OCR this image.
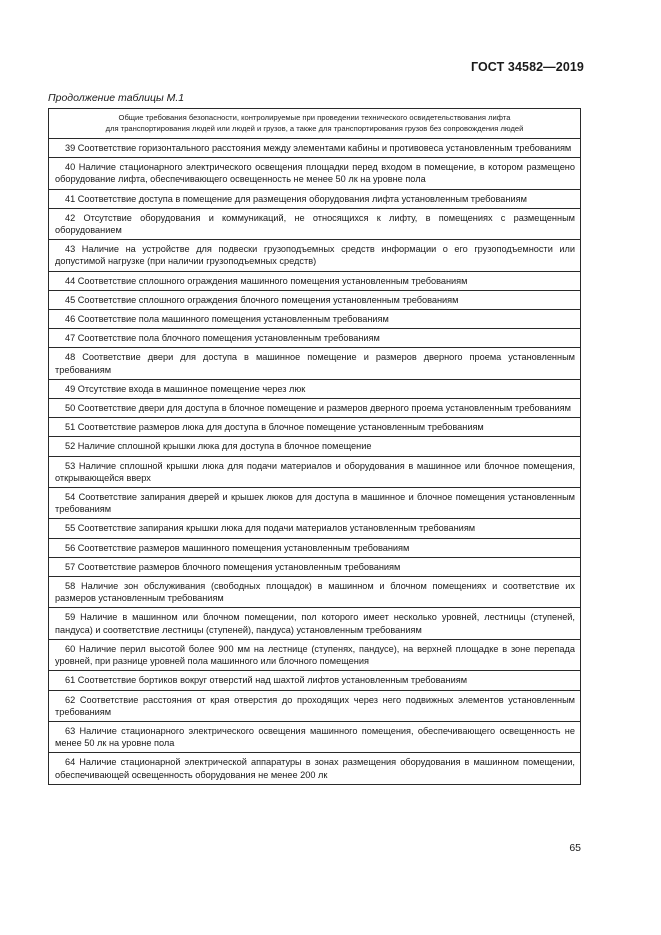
ГОСТ 34582—2019
Продолжение таблицы М.1
Общие требования безопасности, контролируемые при проведении технического освидетельствования лифта
для транспортирования людей или людей и грузов, а также для транспортирования грузов без сопровождения людей
39 Соответствие горизонтального расстояния между элементами кабины и противовеса установленным требованиям
40 Наличие стационарного электрического освещения площадки перед входом в помещение, в котором размещено оборудование лифта, обеспечивающего освещенность не менее 50 лк на уровне пола
41 Соответствие доступа в помещение для размещения оборудования лифта установленным требованиям
42 Отсутствие оборудования и коммуникаций, не относящихся к лифту, в помещениях с размещенным оборудованием
43 Наличие на устройстве для подвески грузоподъемных средств информации о его грузоподъемности или допустимой нагрузке (при наличии грузоподъемных средств)
44 Соответствие сплошного ограждения машинного помещения установленным требованиям
45 Соответствие сплошного ограждения блочного помещения установленным требованиям
46 Соответствие пола машинного помещения установленным требованиям
47 Соответствие пола блочного помещения установленным требованиям
48 Соответствие двери для доступа в машинное помещение и размеров дверного проема установленным требованиям
49 Отсутствие входа в машинное помещение через люк
50 Соответствие двери для доступа в блочное помещение и размеров дверного проема установленным требованиям
51 Соответствие размеров люка для доступа в блочное помещение установленным требованиям
52 Наличие сплошной крышки люка для доступа в блочное помещение
53 Наличие сплошной крышки люка для подачи материалов и оборудования в машинное или блочное помещения, открывающейся вверх
54 Соответствие запирания дверей и крышек люков для доступа в машинное и блочное помещения установленным требованиям
55 Соответствие запирания крышки люка для подачи материалов установленным требованиям
56 Соответствие размеров машинного помещения установленным требованиям
57 Соответствие размеров блочного помещения установленным требованиям
58 Наличие зон обслуживания (свободных площадок) в машинном и блочном помещениях и соответствие их размеров установленным требованиям
59 Наличие в машинном или блочном помещении, пол которого имеет несколько уровней, лестницы (ступеней, пандуса) и соответствие лестницы (ступеней), пандуса) установленным требованиям
60 Наличие перил высотой более 900 мм на лестнице (ступенях, пандусе), на верхней площадке в зоне перепада уровней, при разнице уровней пола машинного или блочного помещения
61 Соответствие бортиков вокруг отверстий над шахтой лифтов установленным требованиям
62 Соответствие расстояния от края отверстия до проходящих через него подвижных элементов установленным требованиям
63 Наличие стационарного электрического освещения машинного помещения, обеспечивающего освещенность не менее 50 лк на уровне пола
64 Наличие стационарной электрической аппаратуры в зонах размещения оборудования в машинном помещении, обеспечивающей освещенность оборудования не менее 200 лк
65
